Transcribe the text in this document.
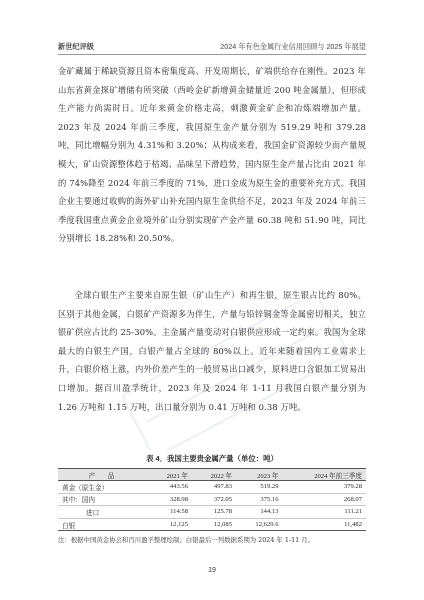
新世纪评级	2024 年有色金属行业信用回顾与 2025 年展望

金矿藏属于稀缺资源且资本密集度高、开发周期长，矿端供给存在刚性。2023 年山东省黄金探矿增储有所突破（西岭金矿新增黄金储量近 200 吨金属量），但形成生产能力尚需时日。近年来黄金价格走高，刺激黄金矿企和冶炼端增加产量。2023 年及 2024 年前三季度，我国原生金产量分别为 519.29 吨和 379.28 吨，同比增幅分别为 4.31%和 3.20%；从构成来看，我国金矿资源较少而产量规模大，矿山资源整体趋于枯竭、品味呈下滑趋势，国内原生金产量占比由 2021 年的 74%降至 2024 年前三季度的 71%，进口金成为原生金的重要补充方式。我国企业主要通过收购的海外矿山补充国内原生金供给不足，2023 年及 2024 年前三季度我国重点黄金企业境外矿山分别实现矿产金产量 60.38 吨和 51.90 吨，同比分别增长 18.28%和 20.50%。

全球白银生产主要来自原生银（矿山生产）和再生银，原生银占比约 80%。区别于其他金属，白银矿产资源多为伴生，产量与铅锌铜金等金属密切相关，独立银矿供应占比约 25-30%。主金属产量变动对白银供应形成一定约束。我国为全球最大的白银生产国，白银产量占全球的 80%以上。近年来随着国内工业需求上升，白银价格上涨，内外价差产生的一般贸易出口减少，原料进口含银加工贸易出口增加。据百川盈孚统计，2023 年及 2024 年 1-11 月我国白银产量分别为 1.26 万吨和 1.15 万吨，出口量分别为 0.41 万吨和 0.38 万吨。

表 4．我国主要贵金属产量（单位：吨）
产　品	2021 年	2022 年	2023 年	2024 年前三季度
黄金（原生金）	443.56	497.83	519.29	379.28
其中：国内	328.98	372.05	375.16	268.07
进口	114.58	125.78	144.13	111.21
白银	12,125	12,085	12,629.6	11,482
注：根据中国黄金协会和百川盈孚整理绘制；白银最后一列数据系期为 2024 年 1-11 月。
19
